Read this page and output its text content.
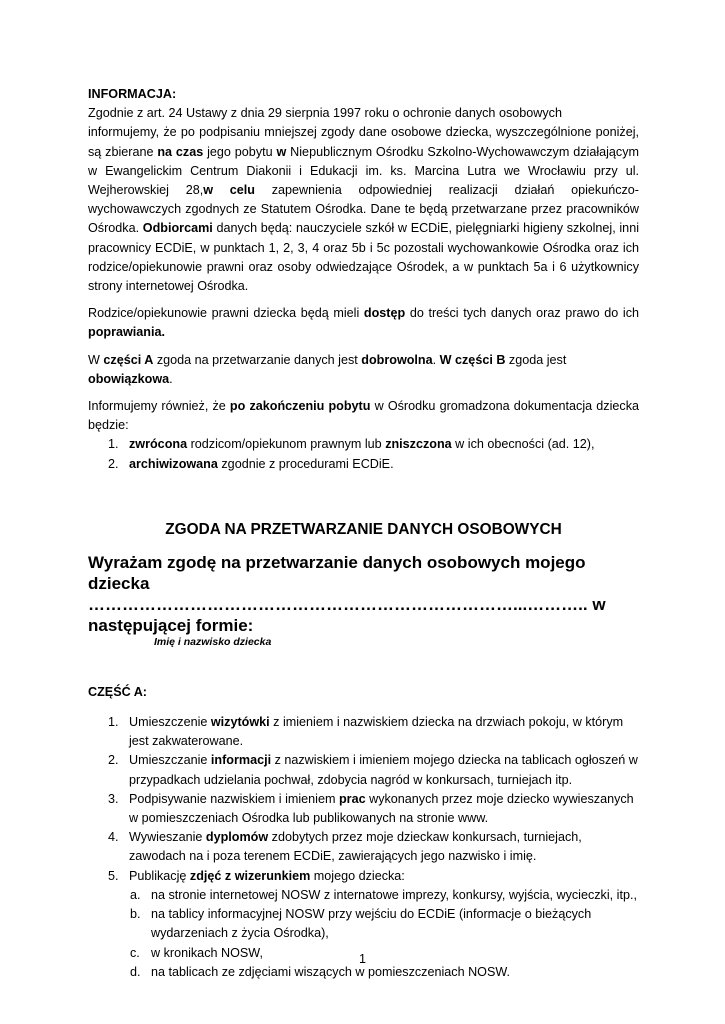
INFORMACJA:

Zgodnie z art. 24 Ustawy z dnia 29 sierpnia 1997 roku o ochronie danych osobowych

informujemy, że po podpisaniu mniejszej zgody dane osobowe dziecka, wyszczególnione poniżej, są zbierane na czas jego pobytu w Niepublicznym Ośrodku Szkolno-Wychowawczym działającym w Ewangelickim Centrum Diakonii i Edukacji im. ks. Marcina Lutra we Wrocławiu przy ul. Wejherowskiej 28,w celu zapewnienia odpowiedniej realizacji działań opiekuńczo-wychowawczych zgodnych ze Statutem Ośrodka. Dane te będą przetwarzane przez pracowników Ośrodka. Odbiorcami danych będą: nauczyciele szkół w ECDiE, pielęgniarki higieny szkolnej, inni pracownicy ECDiE, w punktach 1, 2, 3, 4 oraz 5b i 5c pozostali wychowankowie Ośrodka oraz ich rodzice/opiekunowie prawni oraz osoby odwiedzające Ośrodek, a w punktach 5a i 6 użytkownicy strony internetowej Ośrodka.

Rodzice/opiekunowie prawni dziecka będą mieli dostęp do treści tych danych oraz prawo do ich poprawiania.

W części A zgoda na przetwarzanie danych jest dobrowolna. W części B zgoda jest obowiązkowa.

Informujemy również, że po zakończeniu pobytu w Ośrodku gromadzona dokumentacja dziecka będzie:

1. zwrócona rodzicom/opiekunom prawnym lub zniszczona w ich obecności (ad. 12),
2. archiwizowana zgodnie z procedurami ECDiE.

ZGODA NA PRZETWARZANIE DANYCH OSOBOWYCH

Wyrażam zgodę na przetwarzanie danych osobowych mojego dziecka

…………………………………………………………………...……….. w następującej formie:

Imię i nazwisko dziecka

CZĘŚĆ A:

1. Umieszczenie wizytówki z imieniem i nazwiskiem dziecka na drzwiach pokoju, w którym jest zakwaterowane.
2. Umieszczanie informacji z nazwiskiem i imieniem mojego dziecka na tablicach ogłoszeń w przypadkach udzielania pochwał, zdobycia nagród w konkursach, turniejach itp.
3. Podpisywanie nazwiskiem i imieniem prac wykonanych przez moje dziecko wywieszanych w pomieszczeniach Ośrodka lub publikowanych na stronie www.
4. Wywieszanie dyplomów zdobytych przez moje dzieckaw konkursach, turniejach, zawodach na i poza terenem ECDiE, zawierających jego nazwisko i imię.
5. Publikację zdjęć z wizerunkiem mojego dziecka:
a. na stronie internetowej NOSW z internatowe imprezy, konkursy, wyjścia, wycieczki, itp.,
b. na tablicy informacyjnej NOSW przy wejściu do ECDiE (informacje o bieżących wydarzeniach z życia Ośrodka),
c. w kronikach NOSW,
d. na tablicach ze zdjęciami wiszących w pomieszczeniach NOSW.
1
